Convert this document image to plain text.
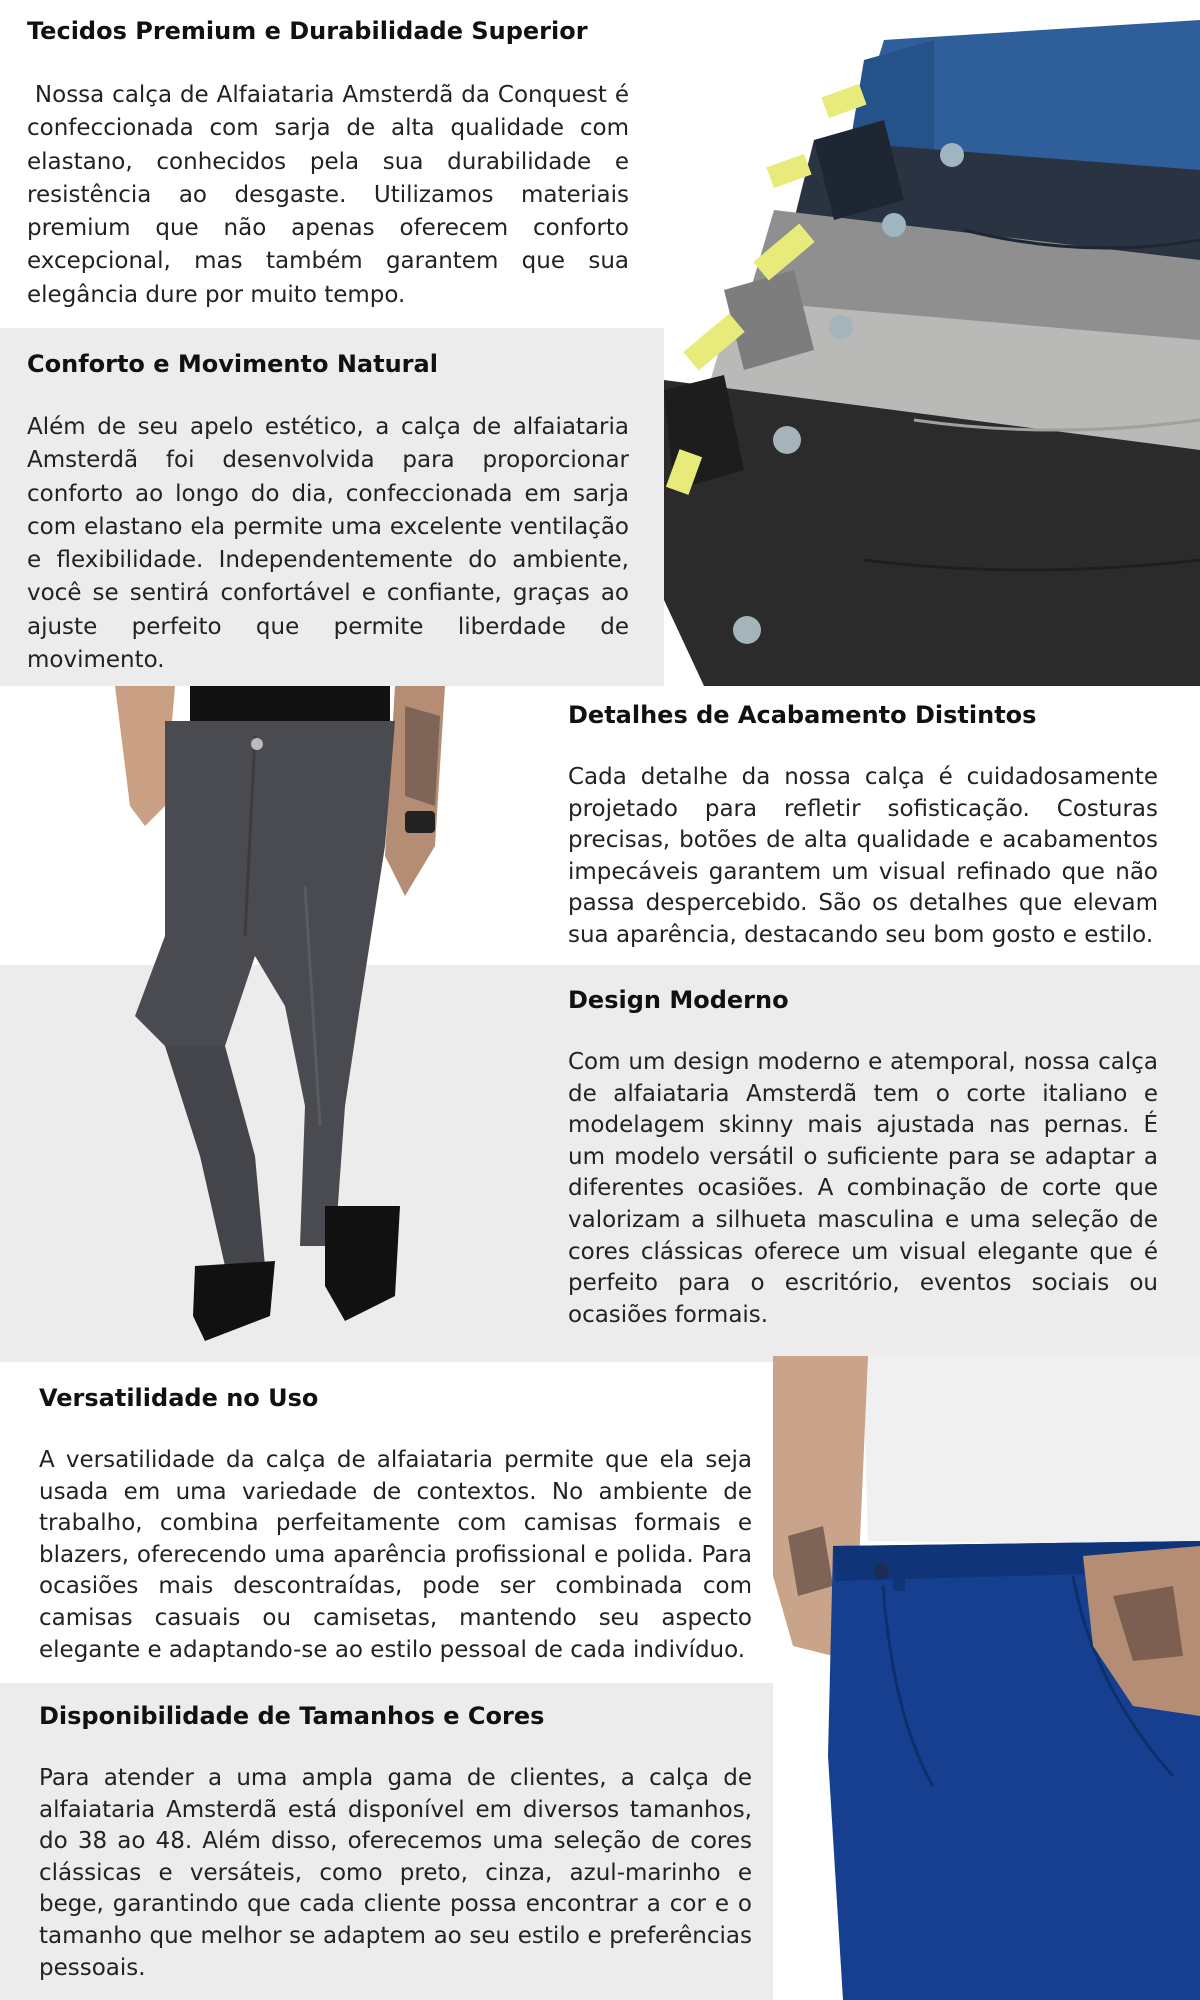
Tecidos Premium e Durabilidade Superior

Nossa calça de Alfaiataria Amsterdã da Conquest é confeccionada com sarja de alta qualidade com elastano, conhecidos pela sua durabilidade e resistência ao desgaste. Utilizamos materiais premium que não apenas oferecem conforto excepcional, mas também garantem que sua elegância dure por muito tempo.

Conforto e Movimento Natural

Além de seu apelo estético, a calça de alfaiataria Amsterdã foi desenvolvida para proporcionar conforto ao longo do dia, confeccionada em sarja com elastano ela permite uma excelente ventilação e flexibilidade. Independentemente do ambiente, você se sentirá confortável e confiante, graças ao ajuste perfeito que permite liberdade de movimento.

Detalhes de Acabamento Distintos

Cada detalhe da nossa calça é cuidadosamente projetado para refletir sofisticação. Costuras precisas, botões de alta qualidade e acabamentos impecáveis garantem um visual refinado que não passa despercebido. São os detalhes que elevam sua aparência, destacando seu bom gosto e estilo.

Design Moderno

Com um design moderno e atemporal, nossa calça de alfaiataria Amsterdã tem o corte italiano e modelagem skinny mais ajustada nas pernas. É um modelo versátil o suficiente para se adaptar a diferentes ocasiões. A combinação de corte que valorizam a silhueta masculina e uma seleção de cores clássicas oferece um visual elegante que é perfeito para o escritório, eventos sociais ou ocasiões formais.

Versatilidade no Uso

A versatilidade da calça de alfaiataria permite que ela seja usada em uma variedade de contextos. No ambiente de trabalho, combina perfeitamente com camisas formais e blazers, oferecendo uma aparência profissional e polida. Para ocasiões mais descontraídas, pode ser combinada com camisas casuais ou camisetas, mantendo seu aspecto elegante e adaptando-se ao estilo pessoal de cada indivíduo.

Disponibilidade de Tamanhos e Cores

Para atender a uma ampla gama de clientes, a calça de alfaiataria Amsterdã está disponível em diversos tamanhos, do 38 ao 48. Além disso, oferecemos uma seleção de cores clássicas e versáteis, como preto, cinza, azul-marinho e bege, garantindo que cada cliente possa encontrar a cor e o tamanho que melhor se adaptem ao seu estilo e preferências pessoais.
